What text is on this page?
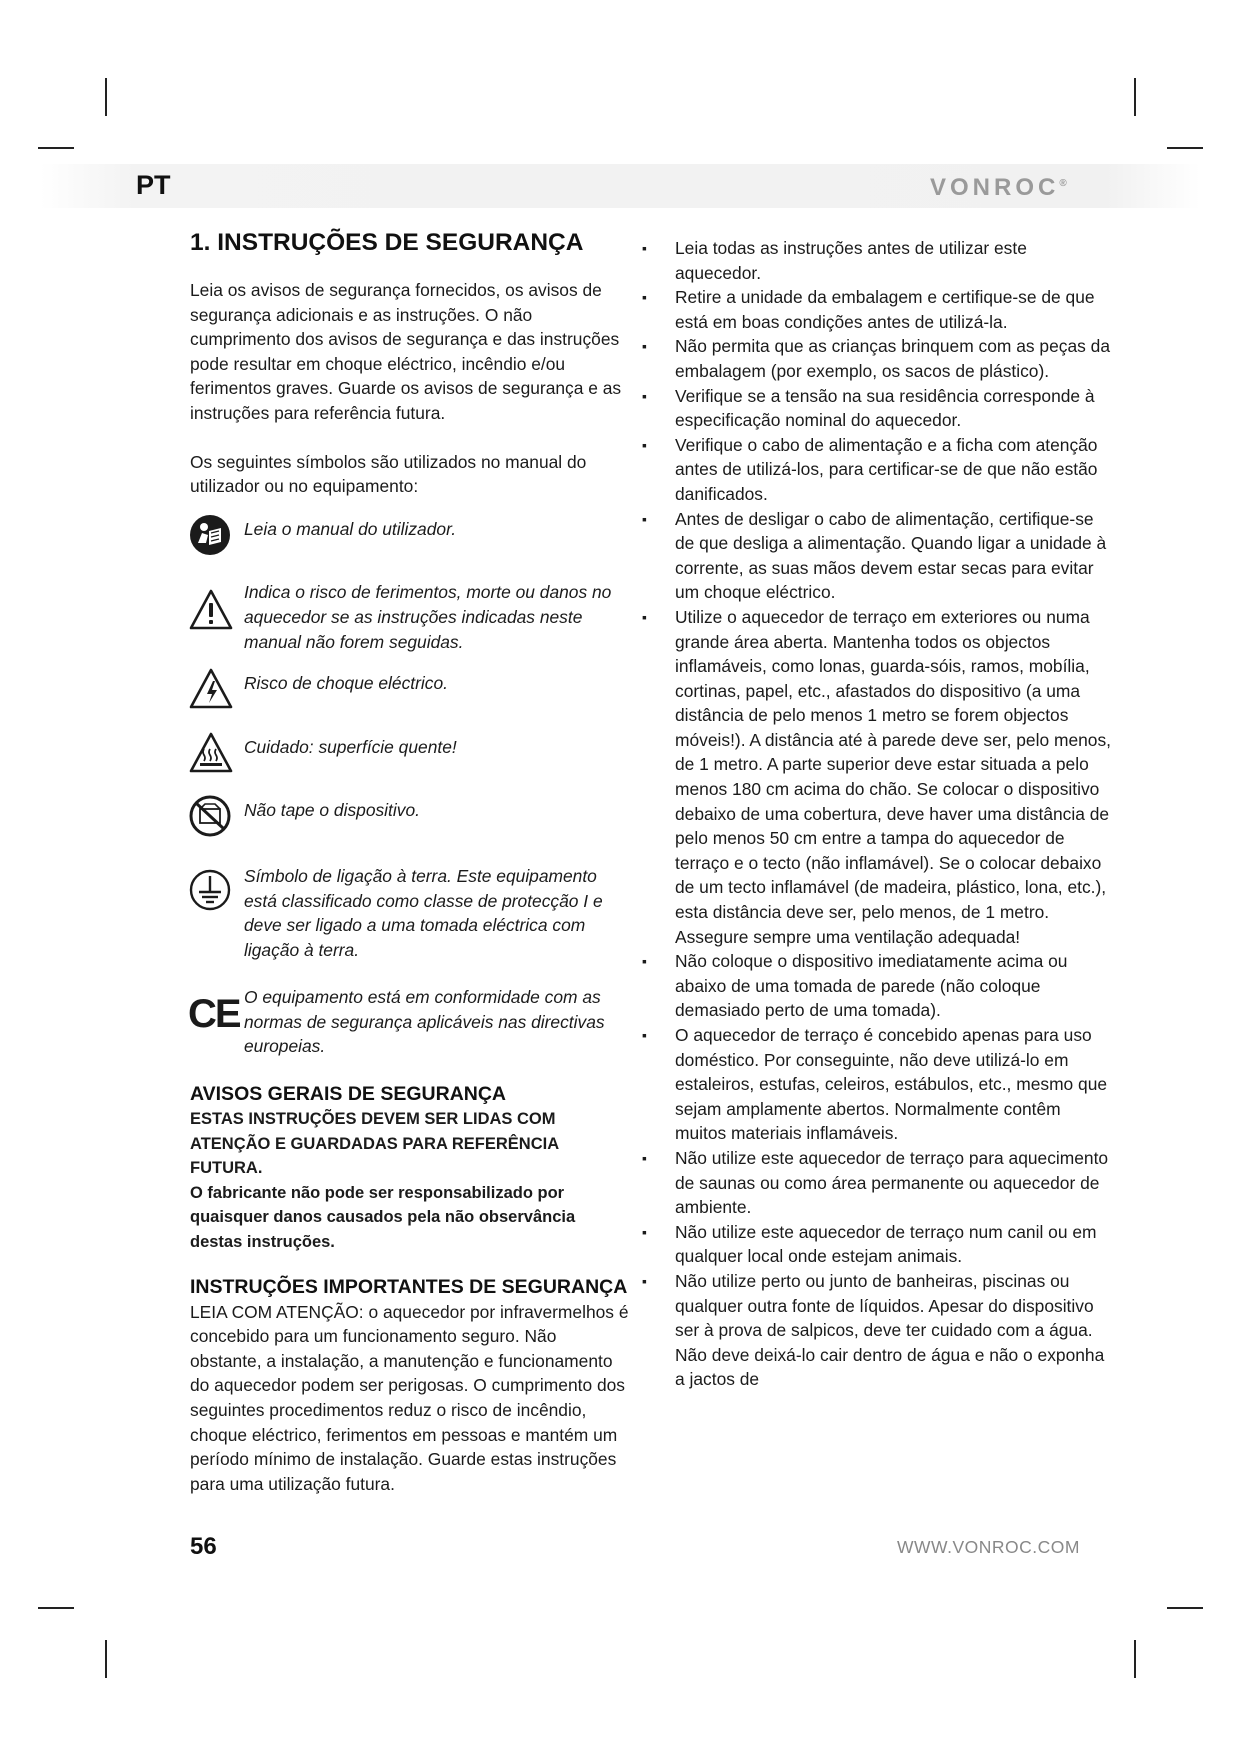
PT	VONROC®
1. INSTRUÇÕES DE SEGURANÇA

Leia os avisos de segurança fornecidos, os avisos de segurança adicionais e as instruções. O não cumprimento dos avisos de segurança e das instruções pode resultar em choque eléctrico, incêndio e/ou ferimentos graves. Guarde os avisos de segurança e as instruções para referência futura.

Os seguintes símbolos são utilizados no manual do utilizador ou no equipamento:

Leia o manual do utilizador.
Indica o risco de ferimentos, morte ou danos no aquecedor se as instruções indicadas neste manual não forem seguidas.
Risco de choque eléctrico.
Cuidado: superfície quente!
Não tape o dispositivo.
Símbolo de ligação à terra. Este equipamento está classificado como classe de protecção I e deve ser ligado a uma tomada eléctrica com ligação à terra.
CE O equipamento está em conformidade com as normas de segurança aplicáveis nas directivas europeias.
AVISOS GERAIS DE SEGURANÇA

ESTAS INSTRUÇÕES DEVEM SER LIDAS COM ATENÇÃO E GUARDADAS PARA REFERÊNCIA FUTURA.

O fabricante não pode ser responsabilizado por quaisquer danos causados pela não observância destas instruções.

INSTRUÇÕES IMPORTANTES DE SEGURANÇA

LEIA COM ATENÇÃO: o aquecedor por infravermelhos é concebido para um funcionamento seguro. Não obstante, a instalação, a manutenção e funcionamento do aquecedor podem ser perigosas. O cumprimento dos seguintes procedimentos reduz o risco de incêndio, choque eléctrico, ferimentos em pessoas e mantém um período mínimo de instalação. Guarde estas instruções para uma utilização futura.

▪ Leia todas as instruções antes de utilizar este aquecedor.
▪ Retire a unidade da embalagem e certifique-se de que está em boas condições antes de utilizá-la.
▪ Não permita que as crianças brinquem com as peças da embalagem (por exemplo, os sacos de plástico).
▪ Verifique se a tensão na sua residência corresponde à especificação nominal do aquecedor.
▪ Verifique o cabo de alimentação e a ficha com atenção antes de utilizá-los, para certificar-se de que não estão danificados.
▪ Antes de desligar o cabo de alimentação, certifique-se de que desliga a alimentação. Quando ligar a unidade à corrente, as suas mãos devem estar secas para evitar um choque eléctrico.
▪ Utilize o aquecedor de terraço em exteriores ou numa grande área aberta. Mantenha todos os objectos inflamáveis, como lonas, guarda-sóis, ramos, mobília, cortinas, papel, etc., afastados do dispositivo (a uma distância de pelo menos 1 metro se forem objectos móveis!). A distância até à parede deve ser, pelo menos, de 1 metro. A parte superior deve estar situada a pelo menos 180 cm acima do chão. Se colocar o dispositivo debaixo de uma cobertura, deve haver uma distância de pelo menos 50 cm entre a tampa do aquecedor de terraço e o tecto (não inflamável). Se o colocar debaixo de um tecto inflamável (de madeira, plástico, lona, etc.), esta distância deve ser, pelo menos, de 1 metro. Assegure sempre uma ventilação adequada!
▪ Não coloque o dispositivo imediatamente acima ou abaixo de uma tomada de parede (não coloque demasiado perto de uma tomada).
▪ O aquecedor de terraço é concebido apenas para uso doméstico. Por conseguinte, não deve utilizá-lo em estaleiros, estufas, celeiros, estábulos, etc., mesmo que sejam amplamente abertos. Normalmente contêm muitos materiais inflamáveis.
▪ Não utilize este aquecedor de terraço para aquecimento de saunas ou como área permanente ou aquecedor de ambiente.
▪ Não utilize este aquecedor de terraço num canil ou em qualquer local onde estejam animais.
▪ Não utilize perto ou junto de banheiras, piscinas ou qualquer outra fonte de líquidos. Apesar do dispositivo ser à prova de salpicos, deve ter cuidado com a água. Não deve deixá-lo cair dentro de água e não o exponha a jactos de
56	WWW.VONROC.COM
